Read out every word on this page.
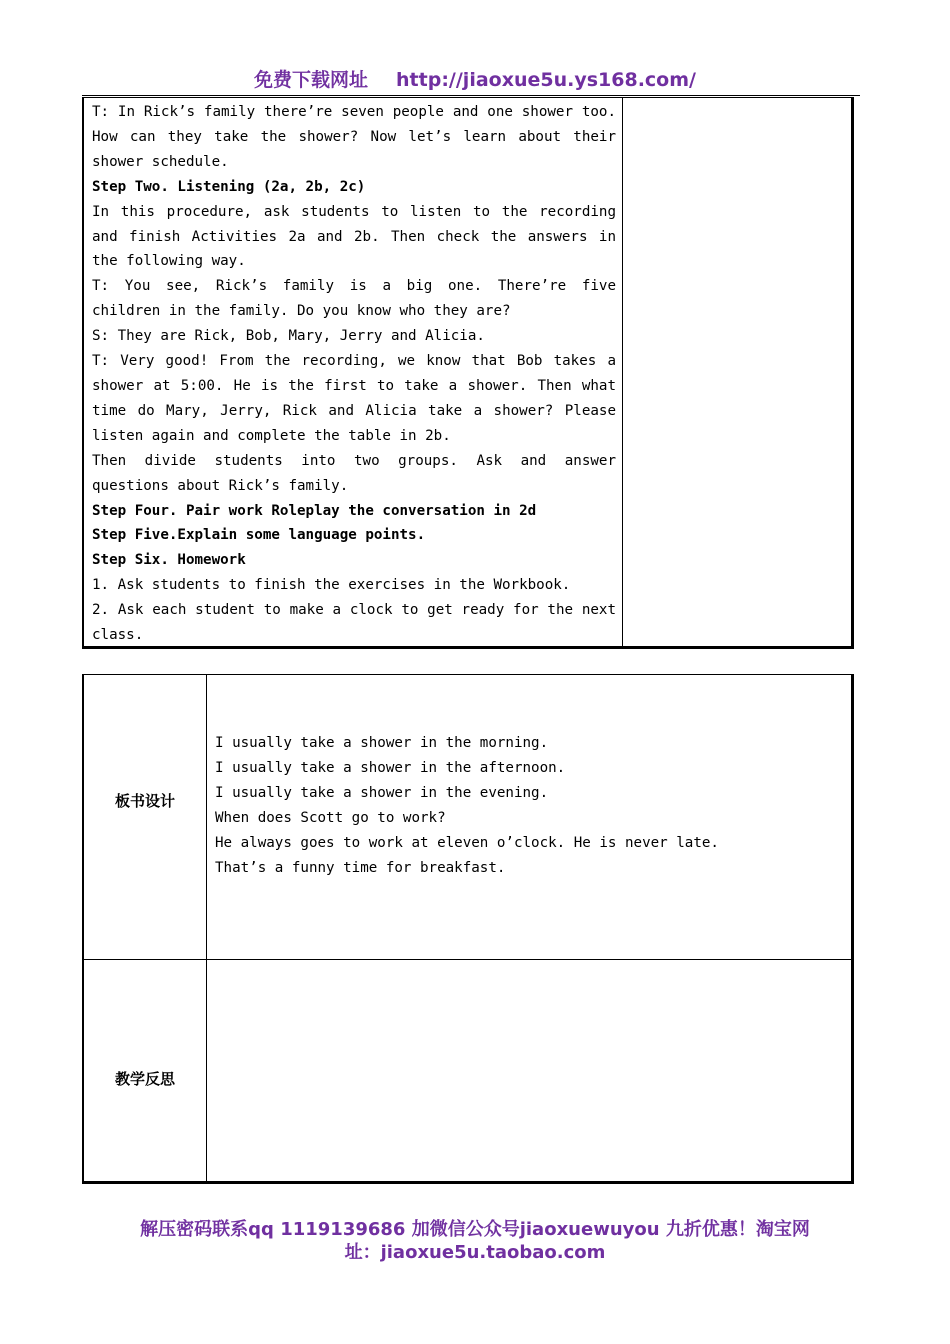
免费下载网址 http://jiaoxue5u.ys168.com/
T: In Rick’s family there’re seven people and one shower too. How can they take the shower? Now let’s learn about their shower schedule.
Step Two. Listening (2a, 2b, 2c)
In this procedure, ask students to listen to the recording and finish Activities 2a and 2b. Then check the answers in the following way.
T: You see, Rick’s family is a big one. There’re five children in the family. Do you know who they are?
S: They are Rick, Bob, Mary, Jerry and Alicia.
T: Very good! From the recording, we know that Bob takes a shower at 5:00. He is the first to take a shower. Then what time do Mary, Jerry, Rick and Alicia take a shower? Please listen again and complete the table in 2b.
Then divide students into two groups. Ask and answer questions about Rick’s family.
Step Four. Pair work Roleplay the conversation in 2d
Step Five.Explain some language points.
Step Six. Homework
1. Ask students to finish the exercises in the Workbook.
2. Ask each student to make a clock to get ready for the next class.
板书设计
I usually take a shower in the morning.
I usually take a shower in the afternoon.
I usually take a shower in the evening.
When does Scott go to work?
He always goes to work at eleven o’clock. He is never late.
That’s a funny time for breakfast.
教学反思
解压密码联系qq 1119139686 加微信公众号jiaoxuewuyou 九折优惠！淘宝网
址：jiaoxue5u.taobao.com
